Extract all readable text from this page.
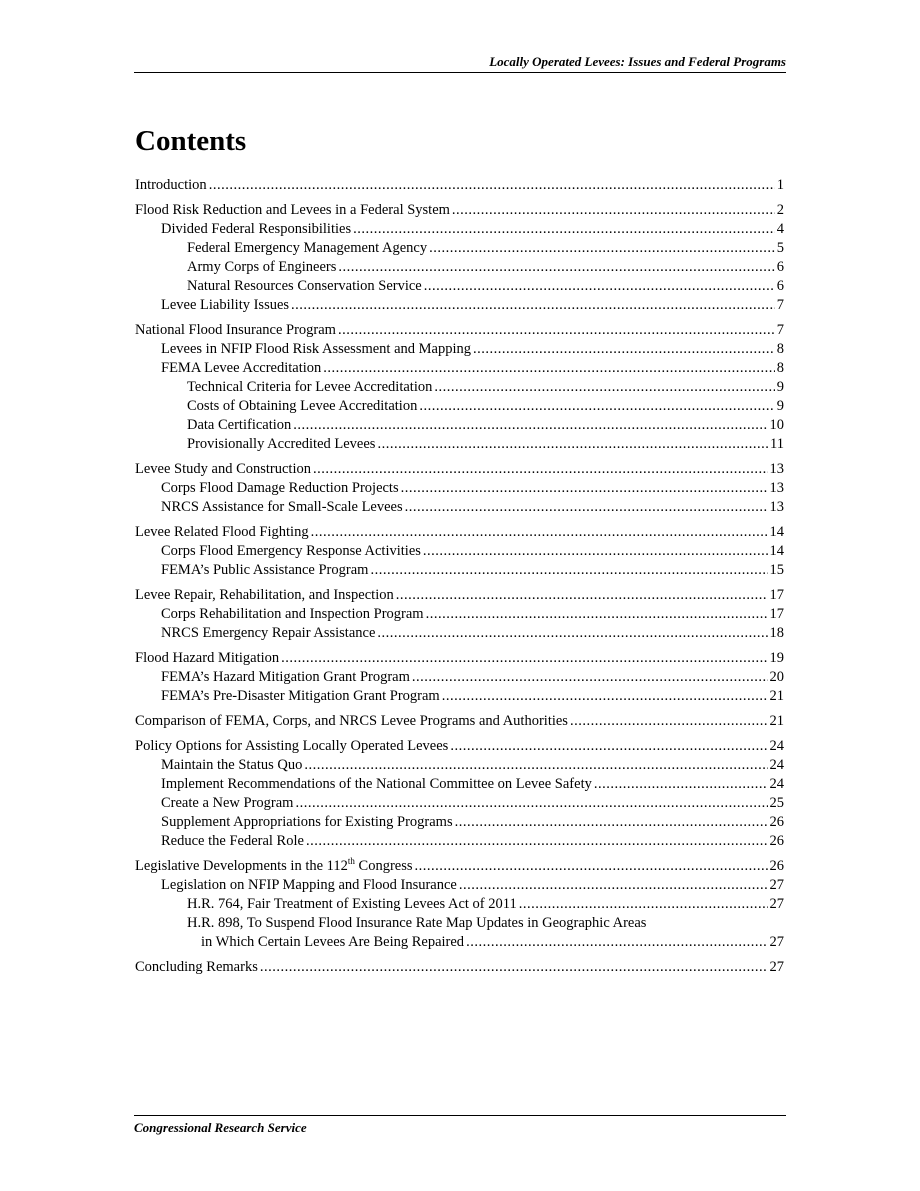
Locally Operated Levees: Issues and Federal Programs
Contents
Introduction .....	1
Flood Risk Reduction and Levees in a Federal System .....	2
Divided Federal Responsibilities .....	4
Federal Emergency Management Agency .....	5
Army Corps of Engineers .....	6
Natural Resources Conservation Service .....	6
Levee Liability Issues .....	7
National Flood Insurance Program .....	7
Levees in NFIP Flood Risk Assessment and Mapping .....	8
FEMA Levee Accreditation .....	8
Technical Criteria for Levee Accreditation .....	9
Costs of Obtaining Levee Accreditation .....	9
Data Certification .....	10
Provisionally Accredited Levees .....	11
Levee Study and Construction .....	13
Corps Flood Damage Reduction Projects .....	13
NRCS Assistance for Small-Scale Levees .....	13
Levee Related Flood Fighting .....	14
Corps Flood Emergency Response Activities .....	14
FEMA’s Public Assistance Program .....	15
Levee Repair, Rehabilitation, and Inspection .....	17
Corps Rehabilitation and Inspection Program .....	17
NRCS Emergency Repair Assistance .....	18
Flood Hazard Mitigation .....	19
FEMA’s Hazard Mitigation Grant Program .....	20
FEMA’s Pre-Disaster Mitigation Grant Program .....	21
Comparison of FEMA, Corps, and NRCS Levee Programs and Authorities .....	21
Policy Options for Assisting Locally Operated Levees .....	24
Maintain the Status Quo .....	24
Implement Recommendations of the National Committee on Levee Safety .....	24
Create a New Program .....	25
Supplement Appropriations for Existing Programs .....	26
Reduce the Federal Role .....	26
Legislative Developments in the 112th Congress .....	26
Legislation on NFIP Mapping and Flood Insurance .....	27
H.R. 764, Fair Treatment of Existing Levees Act of 2011 .....	27
H.R. 898, To Suspend Flood Insurance Rate Map Updates in Geographic Areas
in Which Certain Levees Are Being Repaired .....	27
Concluding Remarks .....	27
Congressional Research Service
